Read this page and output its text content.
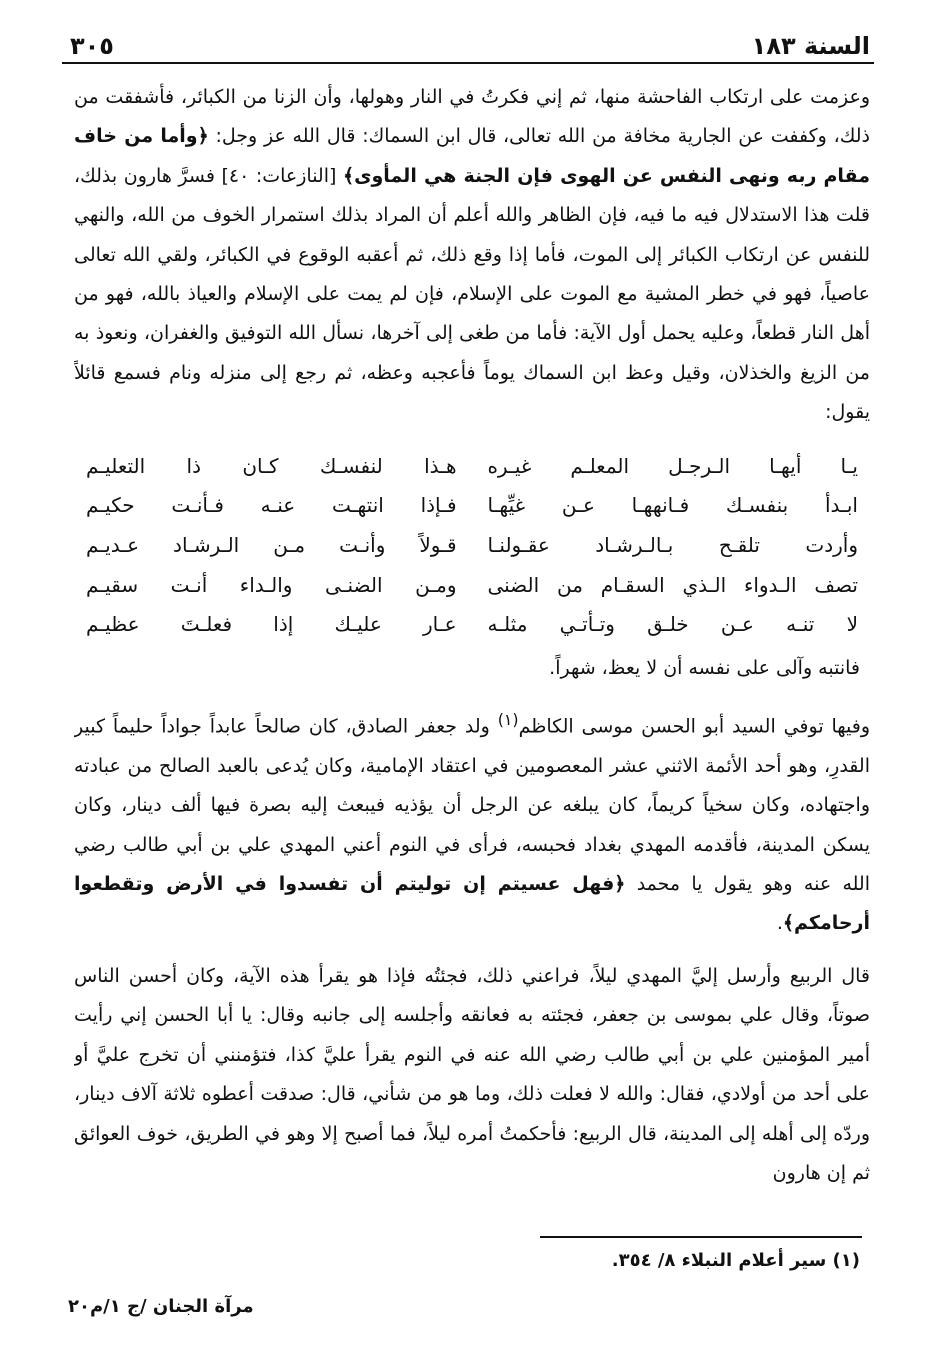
السنة ١٨٣
٣٠٥

وعزمت على ارتكاب الفاحشة منها، ثم إني فكرتُ في النار وهولها، وأن الزنا من الكبائر، فأشفقت من ذلك، وكففت عن الجارية مخافة من الله تعالى، قال ابن السماك: قال الله عز وجل: ﴿وأما من خاف مقام ربه ونهى النفس عن الهوى فإن الجنة هي المأوى﴾ [النازعات: ٤٠] فسرَّ هارون بذلك، قلت هذا الاستدلال فيه ما فيه، فإن الظاهر والله أعلم أن المراد بذلك استمرار الخوف من الله، والنهي للنفس عن ارتكاب الكبائر إلى الموت، فأما إذا وقع ذلك، ثم أعقبه الوقوع في الكبائر، ولقي الله تعالى عاصياً، فهو في خطر المشية مع الموت على الإسلام، فإن لم يمت على الإسلام والعياذ بالله، فهو من أهل النار قطعاً، وعليه يحمل أول الآية: فأما من طغى إلى آخرها، نسأل الله التوفيق والغفران، ونعوذ به من الزيغ والخذلان، وقيل وعظ ابن السماك يوماً فأعجبه وعظه، ثم رجع إلى منزله ونام فسمع قائلاً يقول:

يـا أيهـا الـرجـل المعلـم غيـره
هـذا لنفسـك كـان ذا التعليـم
ابـدأ بنفسـك فـانههـا عـن غيِّهـا
فـإذا انتهـت عنـه فـأنـت حكيـم
وأردت تلقـح بـالـرشـاد عقـولنـا
قـولاً وأنـت مـن الـرشـاد عـديـم
تصف الـدواء الـذي السقـام من الضنى
ومـن الضنـى والـداء أنـت سقيـم
لا تنـه عـن خلـق وتـأتـي مثلـه
عـار عليـك إذا فعلـتَ عظيـم

فانتبه وآلى على نفسه أن لا يعظ، شهراً.

وفيها توفي السيد أبو الحسن موسى الكاظم$^{(١)}$ ولد جعفر الصادق، كان صالحاً عابداً جواداً حليماً كبير القدرِ، وهو أحد الأئمة الاثني عشر المعصومين في اعتقاد الإمامية، وكان يُدعى بالعبد الصالح من عبادته واجتهاده، وكان سخياً كريماً، كان يبلغه عن الرجل أن يؤذيه فيبعث إليه بصرة فيها ألف دينار، وكان يسكن المدينة، فأقدمه المهدي بغداد فحبسه، فرأى في النوم أعني المهدي علي بن أبي طالب رضي الله عنه وهو يقول يا محمد ﴿فهل عسيتم إن توليتم أن تفسدوا في الأرض وتقطعوا أرحامكم﴾.

قال الربيع وأرسل إليَّ المهدي ليلاً، فراعني ذلك، فجئتُه فإذا هو يقرأ هذه الآية، وكان أحسن الناس صوتاً، وقال علي بموسى بن جعفر، فجئته به فعانقه وأجلسه إلى جانبه وقال: يا أبا الحسن إني رأيت أمير المؤمنين علي بن أبي طالب رضي الله عنه في النوم يقرأ عليَّ كذا، فتؤمنني أن تخرج عليَّ أو على أحد من أولادي، فقال: والله لا فعلت ذلك، وما هو من شأني، قال: صدقت أعطوه ثلاثة آلاف دينار، وردّه إلى أهله إلى المدينة، قال الربيع: فأحكمتُ أمره ليلاً، فما أصبح إلا وهو في الطريق، خوف العوائق ثم إن هارون

(١) سير أعلام النبلاء ٨/ ٣٥٤.

مرآة الجنان /ج ١/م٢٠
